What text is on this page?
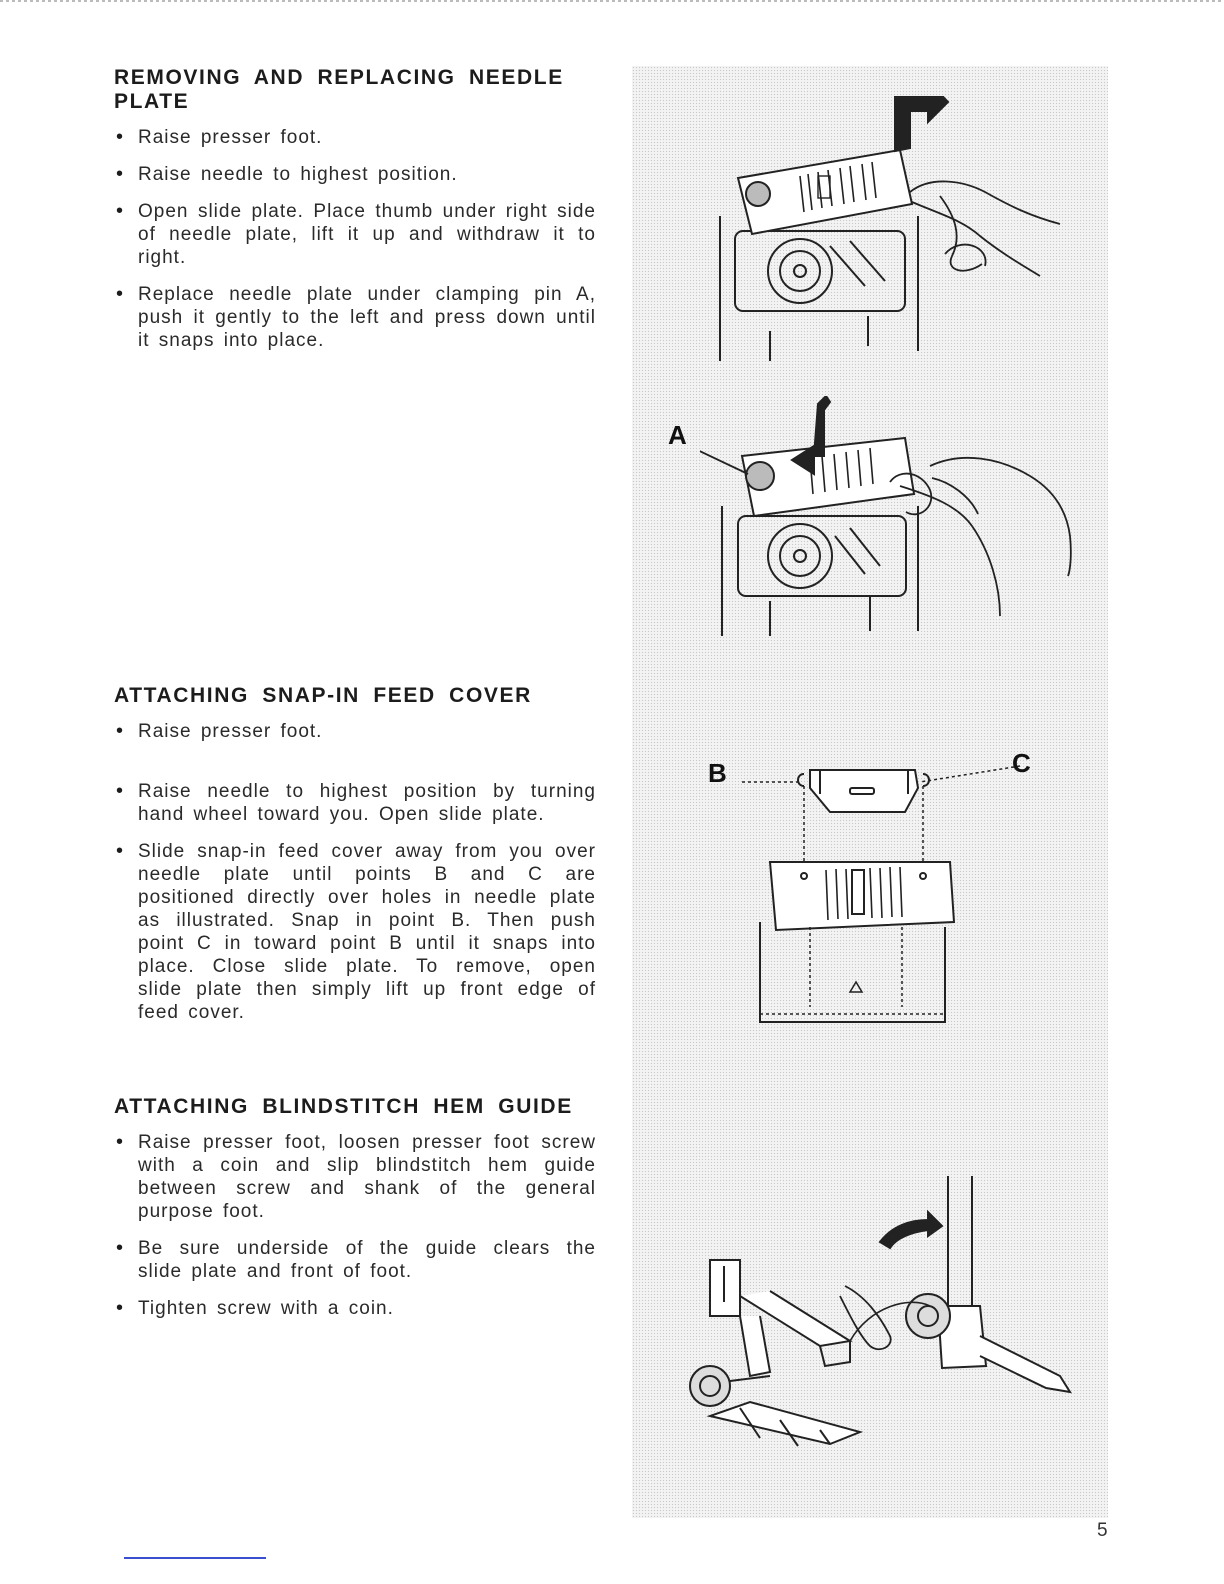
REMOVING AND REPLACING NEEDLE PLATE
• Raise presser foot.
• Raise needle to highest position.
• Open slide plate. Place thumb under right side of needle plate, lift it up and withdraw it to right.
• Replace needle plate under clamping pin A, push it gently to the left and press down until it snaps into place.
ATTACHING SNAP-IN FEED COVER
• Raise presser foot.
• Raise needle to highest position by turning hand wheel toward you. Open slide plate.
• Slide snap-in feed cover away from you over needle plate until points B and C are positioned directly over holes in needle plate as illustrated. Snap in point B. Then push point C in toward point B until it snaps into place. Close slide plate. To remove, open slide plate then simply lift up front edge of feed cover.
ATTACHING BLINDSTITCH HEM GUIDE
• Raise presser foot, loosen presser foot screw with a coin and slip blindstitch hem guide between screw and shank of the general purpose foot.
• Be sure underside of the guide clears the slide plate and front of foot.
• Tighten screw with a coin.
A
B	C
5
